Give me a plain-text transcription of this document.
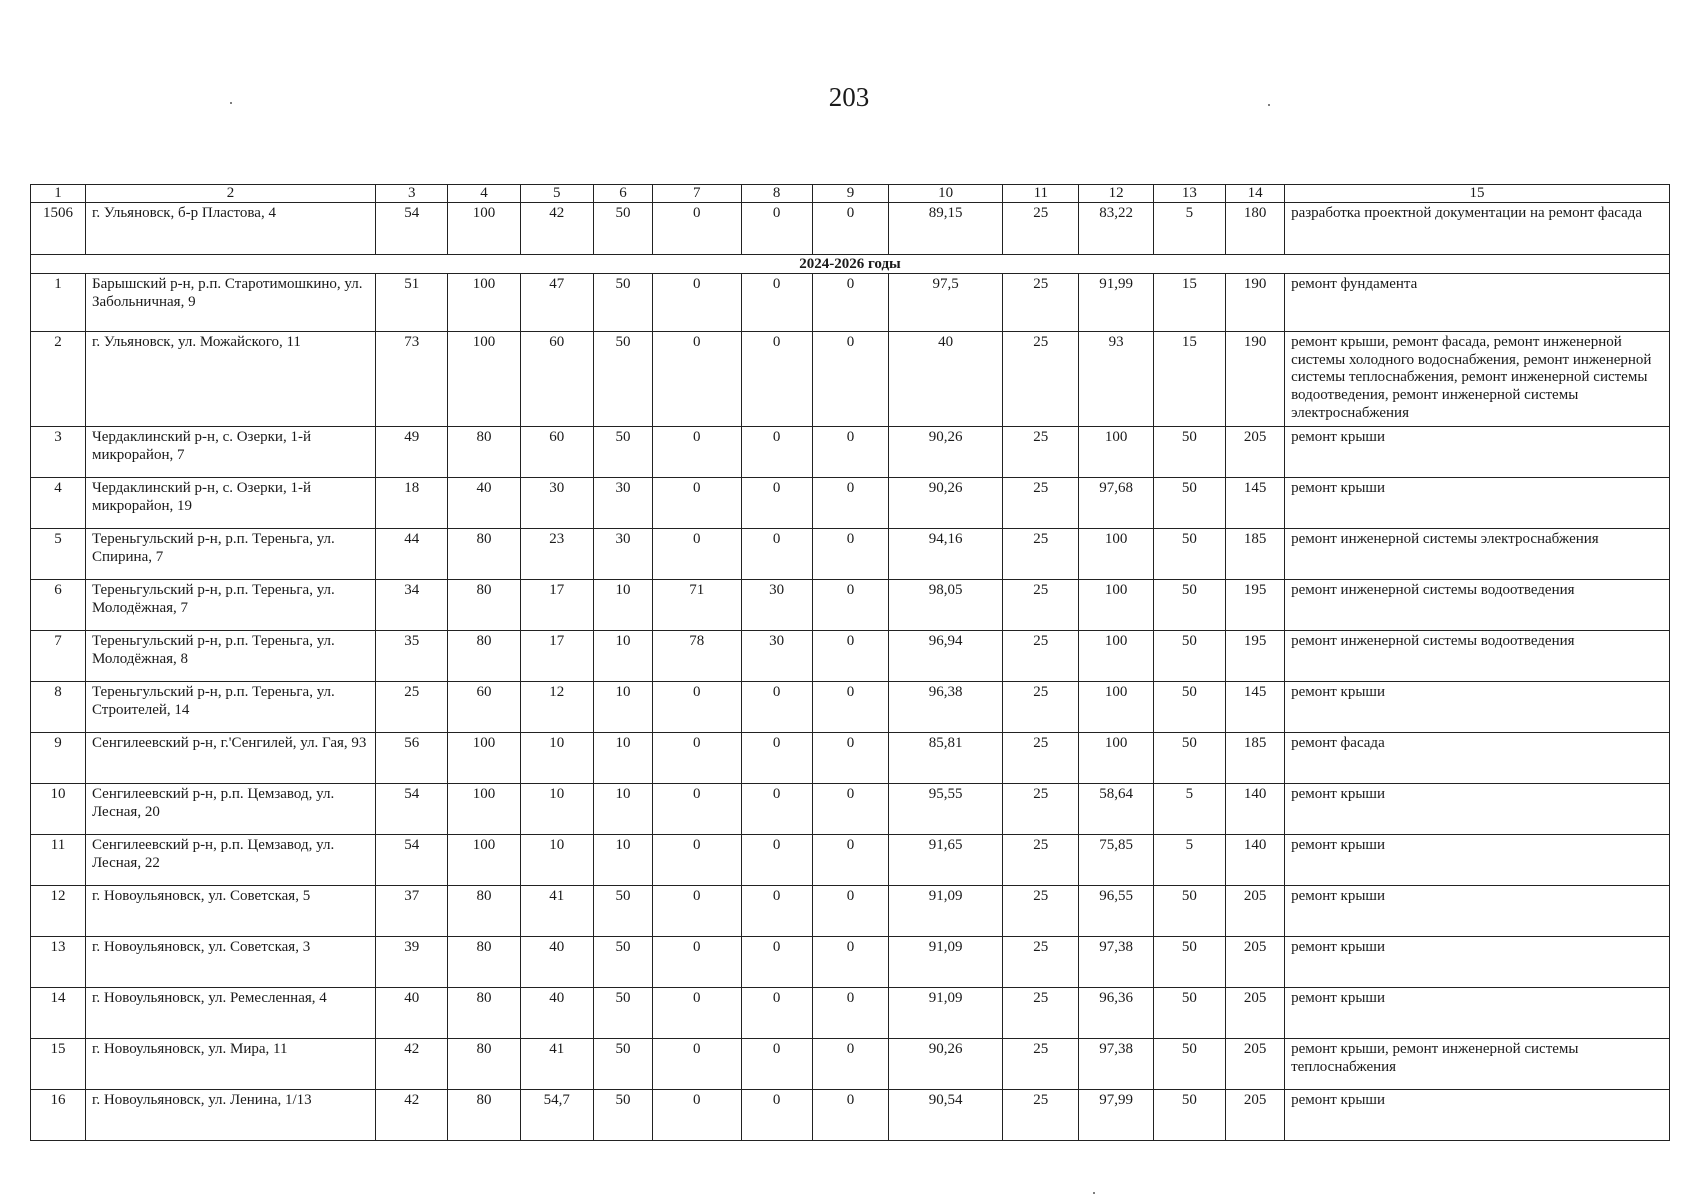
203
1	2	3	4	5	6	7	8	9	10	11	12	13	14	15
1506	г. Ульяновск, б-р Пластова, 4	54	100	42	50	0	0	0	89,15	25	83,22	5	180	разработка проектной документации на ремонт фасада
2024-2026 годы														
1	Барышский р-н, р.п. Старотимошкино, ул. Забольничная, 9	51	100	47	50	0	0	0	97,5	25	91,99	15	190	ремонт фундамента
2	г. Ульяновск, ул. Можайского, 11	73	100	60	50	0	0	0	40	25	93	15	190	ремонт крыши, ремонт фасада, ремонт инженерной системы холодного водоснабжения, ремонт инженерной системы теплоснабжения, ремонт инженерной системы водоотведения, ремонт инженерной системы электроснабжения
3	Чердаклинский р-н, с. Озерки, 1-й микрорайон, 7	49	80	60	50	0	0	0	90,26	25	100	50	205	ремонт крыши
4	Чердаклинский р-н, с. Озерки, 1-й микрорайон, 19	18	40	30	30	0	0	0	90,26	25	97,68	50	145	ремонт крыши
5	Тереньгульский р-н, р.п. Тереньга, ул. Спирина, 7	44	80	23	30	0	0	0	94,16	25	100	50	185	ремонт инженерной системы электроснабжения
6	Тереньгульский р-н, р.п. Тереньга, ул. Молодёжная, 7	34	80	17	10	71	30	0	98,05	25	100	50	195	ремонт инженерной системы водоотведения
7	Тереньгульский р-н, р.п. Тереньга, ул. Молодёжная, 8	35	80	17	10	78	30	0	96,94	25	100	50	195	ремонт инженерной системы водоотведения
8	Тереньгульский р-н, р.п. Тереньга, ул. Строителей, 14	25	60	12	10	0	0	0	96,38	25	100	50	145	ремонт крыши
9	Сенгилеевский р-н, г.'Сенгилей, ул. Гая, 93	56	100	10	10	0	0	0	85,81	25	100	50	185	ремонт фасада
10	Сенгилеевский р-н, р.п. Цемзавод, ул. Лесная, 20	54	100	10	10	0	0	0	95,55	25	58,64	5	140	ремонт крыши
11	Сенгилеевский р-н, р.п. Цемзавод, ул. Лесная, 22	54	100	10	10	0	0	0	91,65	25	75,85	5	140	ремонт крыши
12	г. Новоульяновск, ул. Советская, 5	37	80	41	50	0	0	0	91,09	25	96,55	50	205	ремонт крыши
13	г. Новоульяновск, ул. Советская, 3	39	80	40	50	0	0	0	91,09	25	97,38	50	205	ремонт крыши
14	г. Новоульяновск, ул. Ремесленная, 4	40	80	40	50	0	0	0	91,09	25	96,36	50	205	ремонт крыши
15	г. Новоульяновск, ул. Мира, 11	42	80	41	50	0	0	0	90,26	25	97,38	50	205	ремонт крыши, ремонт инженерной системы теплоснабжения
16	г. Новоульяновск, ул. Ленина, 1/13	42	80	54,7	50	0	0	0	90,54	25	97,99	50	205	ремонт крыши
